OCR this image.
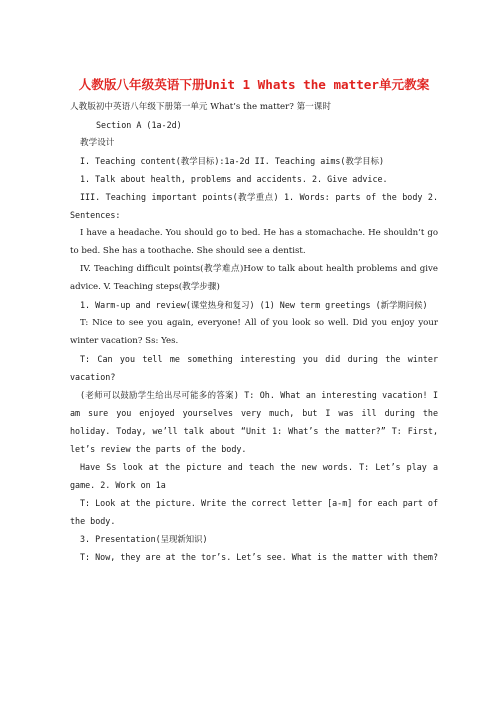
人教版八年级英语下册Unit 1 Whats the matter单元教案

人教版初中英语八年级下册第一单元 What’s the matter? 第一课时

Section A (1a-2d)

教学设计

I. Teaching content(教学目标):1a-2d II. Teaching aims(教学目标)

1. Talk about health, problems and accidents. 2. Give advice.

III. Teaching important points(教学重点) 1. Words: parts of the body 2. Sentences:

I have a headache. You should go to bed. He has a stomachache. He shouldn’t go to bed. She has a toothache. She should see a dentist.

IV. Teaching difficult points(教学难点)How to talk about health problems and give advice. V. Teaching steps(教学步骤)

1. Warm-up and review(课堂热身和复习) (1) New term greetings (新学期问候)

T: Nice to see you again, everyone! All of you look so well. Did you enjoy your winter vacation? Ss: Yes.

T: Can you tell me something interesting you did during the winter vacation?

(老师可以鼓励学生给出尽可能多的答案) T: Oh. What an interesting vacation! I am sure you enjoyed yourselves very much, but I was ill during the holiday. Today, we’ll talk about “Unit 1: What’s the matter?” T: First, let’s review the parts of the body.

Have Ss look at the picture and teach the new words. T: Let’s play a game. 2. Work on 1a

T: Look at the picture. Write the correct letter [a-m] for each part of the body.

3. Presentation(呈现新知识)

T: Now, they are at the tor’s. Let’s see. What is the matter with them?
